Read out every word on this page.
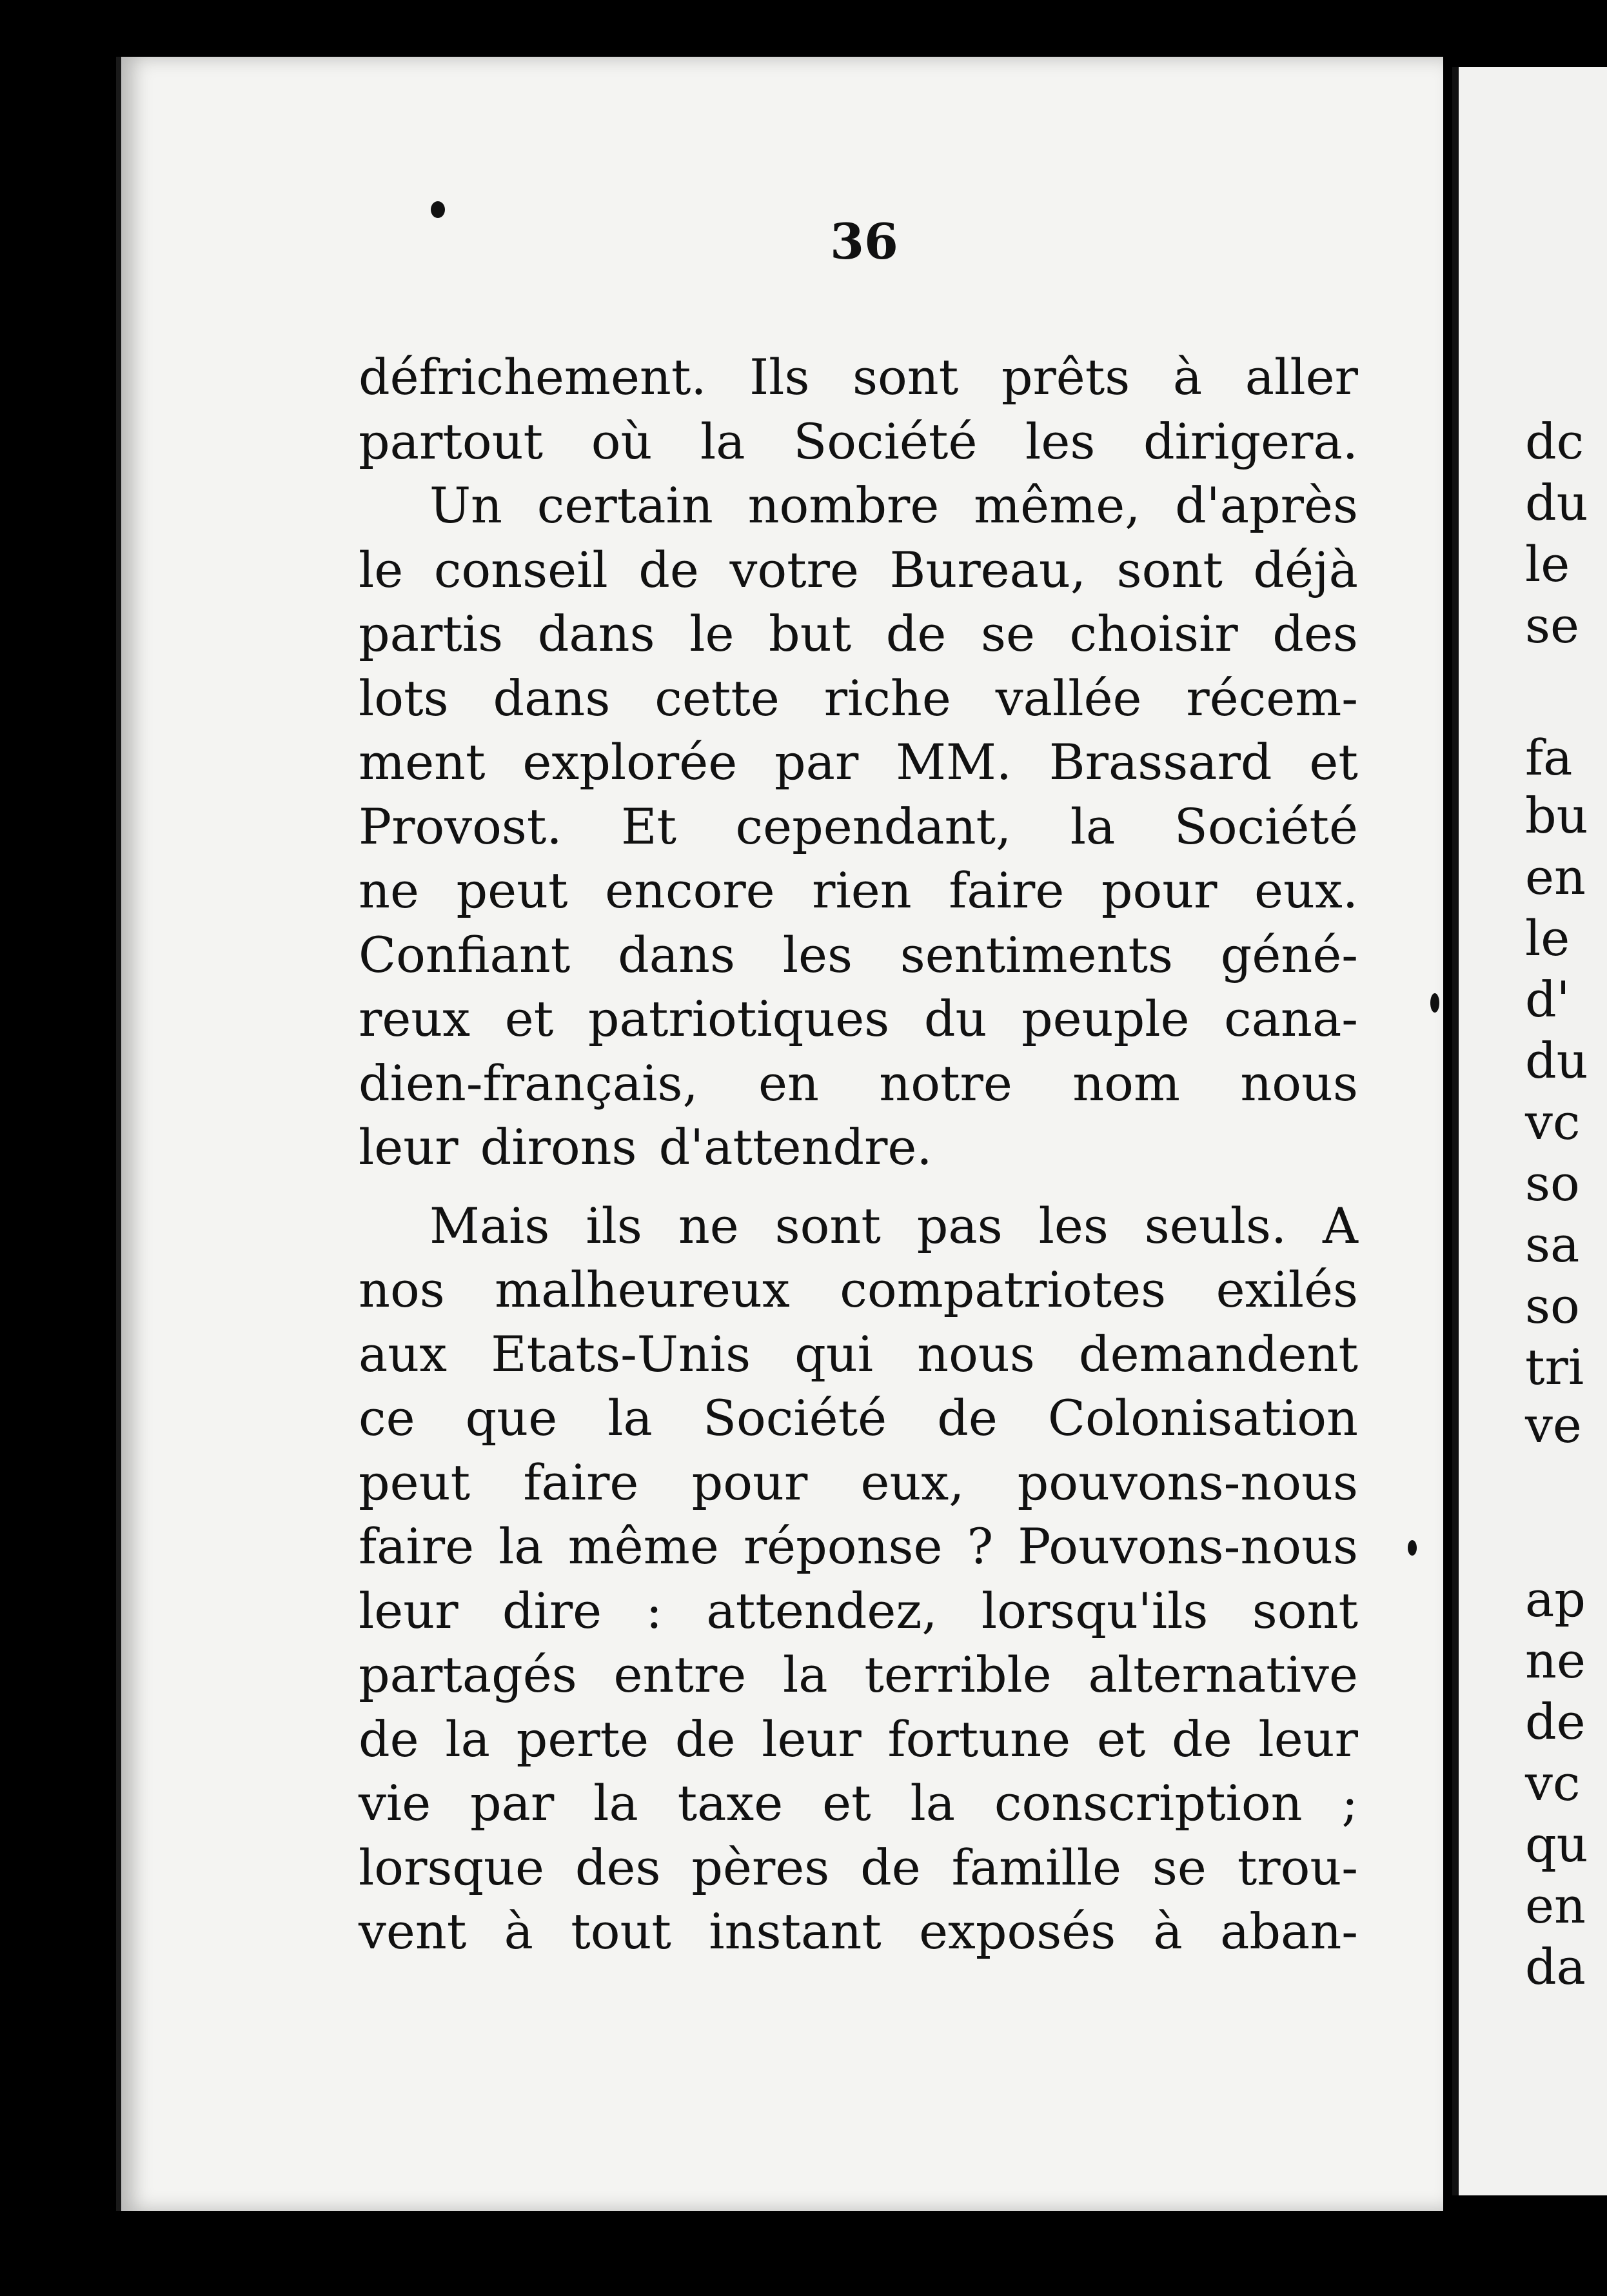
36
défrichement. Ils sont prêts à aller
partout où la Société les dirigera.
Un certain nombre même, d'après
le conseil de votre Bureau, sont déjà
partis dans le but de se choisir des
lots dans cette riche vallée récem-
ment explorée par MM. Brassard et
Provost. Et cependant, la Société
ne peut encore rien faire pour eux.
Confiant dans les sentiments géné-
reux et patriotiques du peuple cana-
dien-français, en notre nom nous
leur dirons d'attendre.
Mais ils ne sont pas les seuls. A
nos malheureux compatriotes exilés
aux Etats-Unis qui nous demandent
ce que la Société de Colonisation
peut faire pour eux, pouvons-nous
faire la même réponse ? Pouvons-nous
leur dire : attendez, lorsqu'ils sont
partagés entre la terrible alternative
de la perte de leur fortune et de leur
vie par la taxe et la conscription ;
lorsque des pères de famille se trou-
vent à tout instant exposés à aban-
dc
du
le
se
fa
bu
en
le
d'
du
vc
so
sa
so
tri
ve
ap
ne
de
vc
qu
en
da
